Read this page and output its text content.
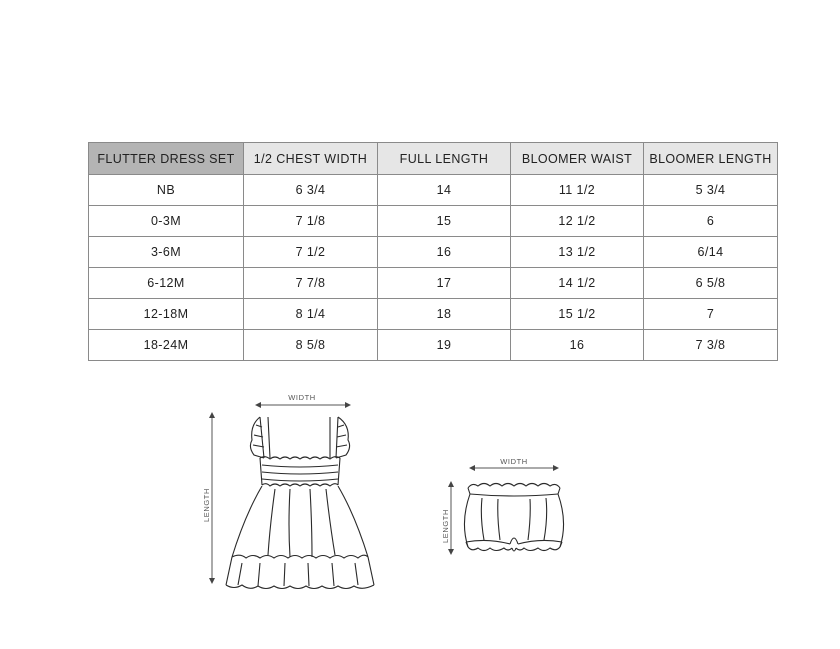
FLUTTER DRESS SET	1/2 CHEST WIDTH	FULL LENGTH	BLOOMER WAIST	BLOOMER LENGTH
NB	6 3/4	14	11 1/2	5 3/4
0-3M	7 1/8	15	12 1/2	6
3-6M	7 1/2	16	13 1/2	6/14
6-12M	7 7/8	17	14 1/2	6 5/8
12-18M	8 1/4	18	15 1/2	7
18-24M	8 5/8	19	16	7 3/8
WIDTH
LENGTH
WIDTH
LENGTH
